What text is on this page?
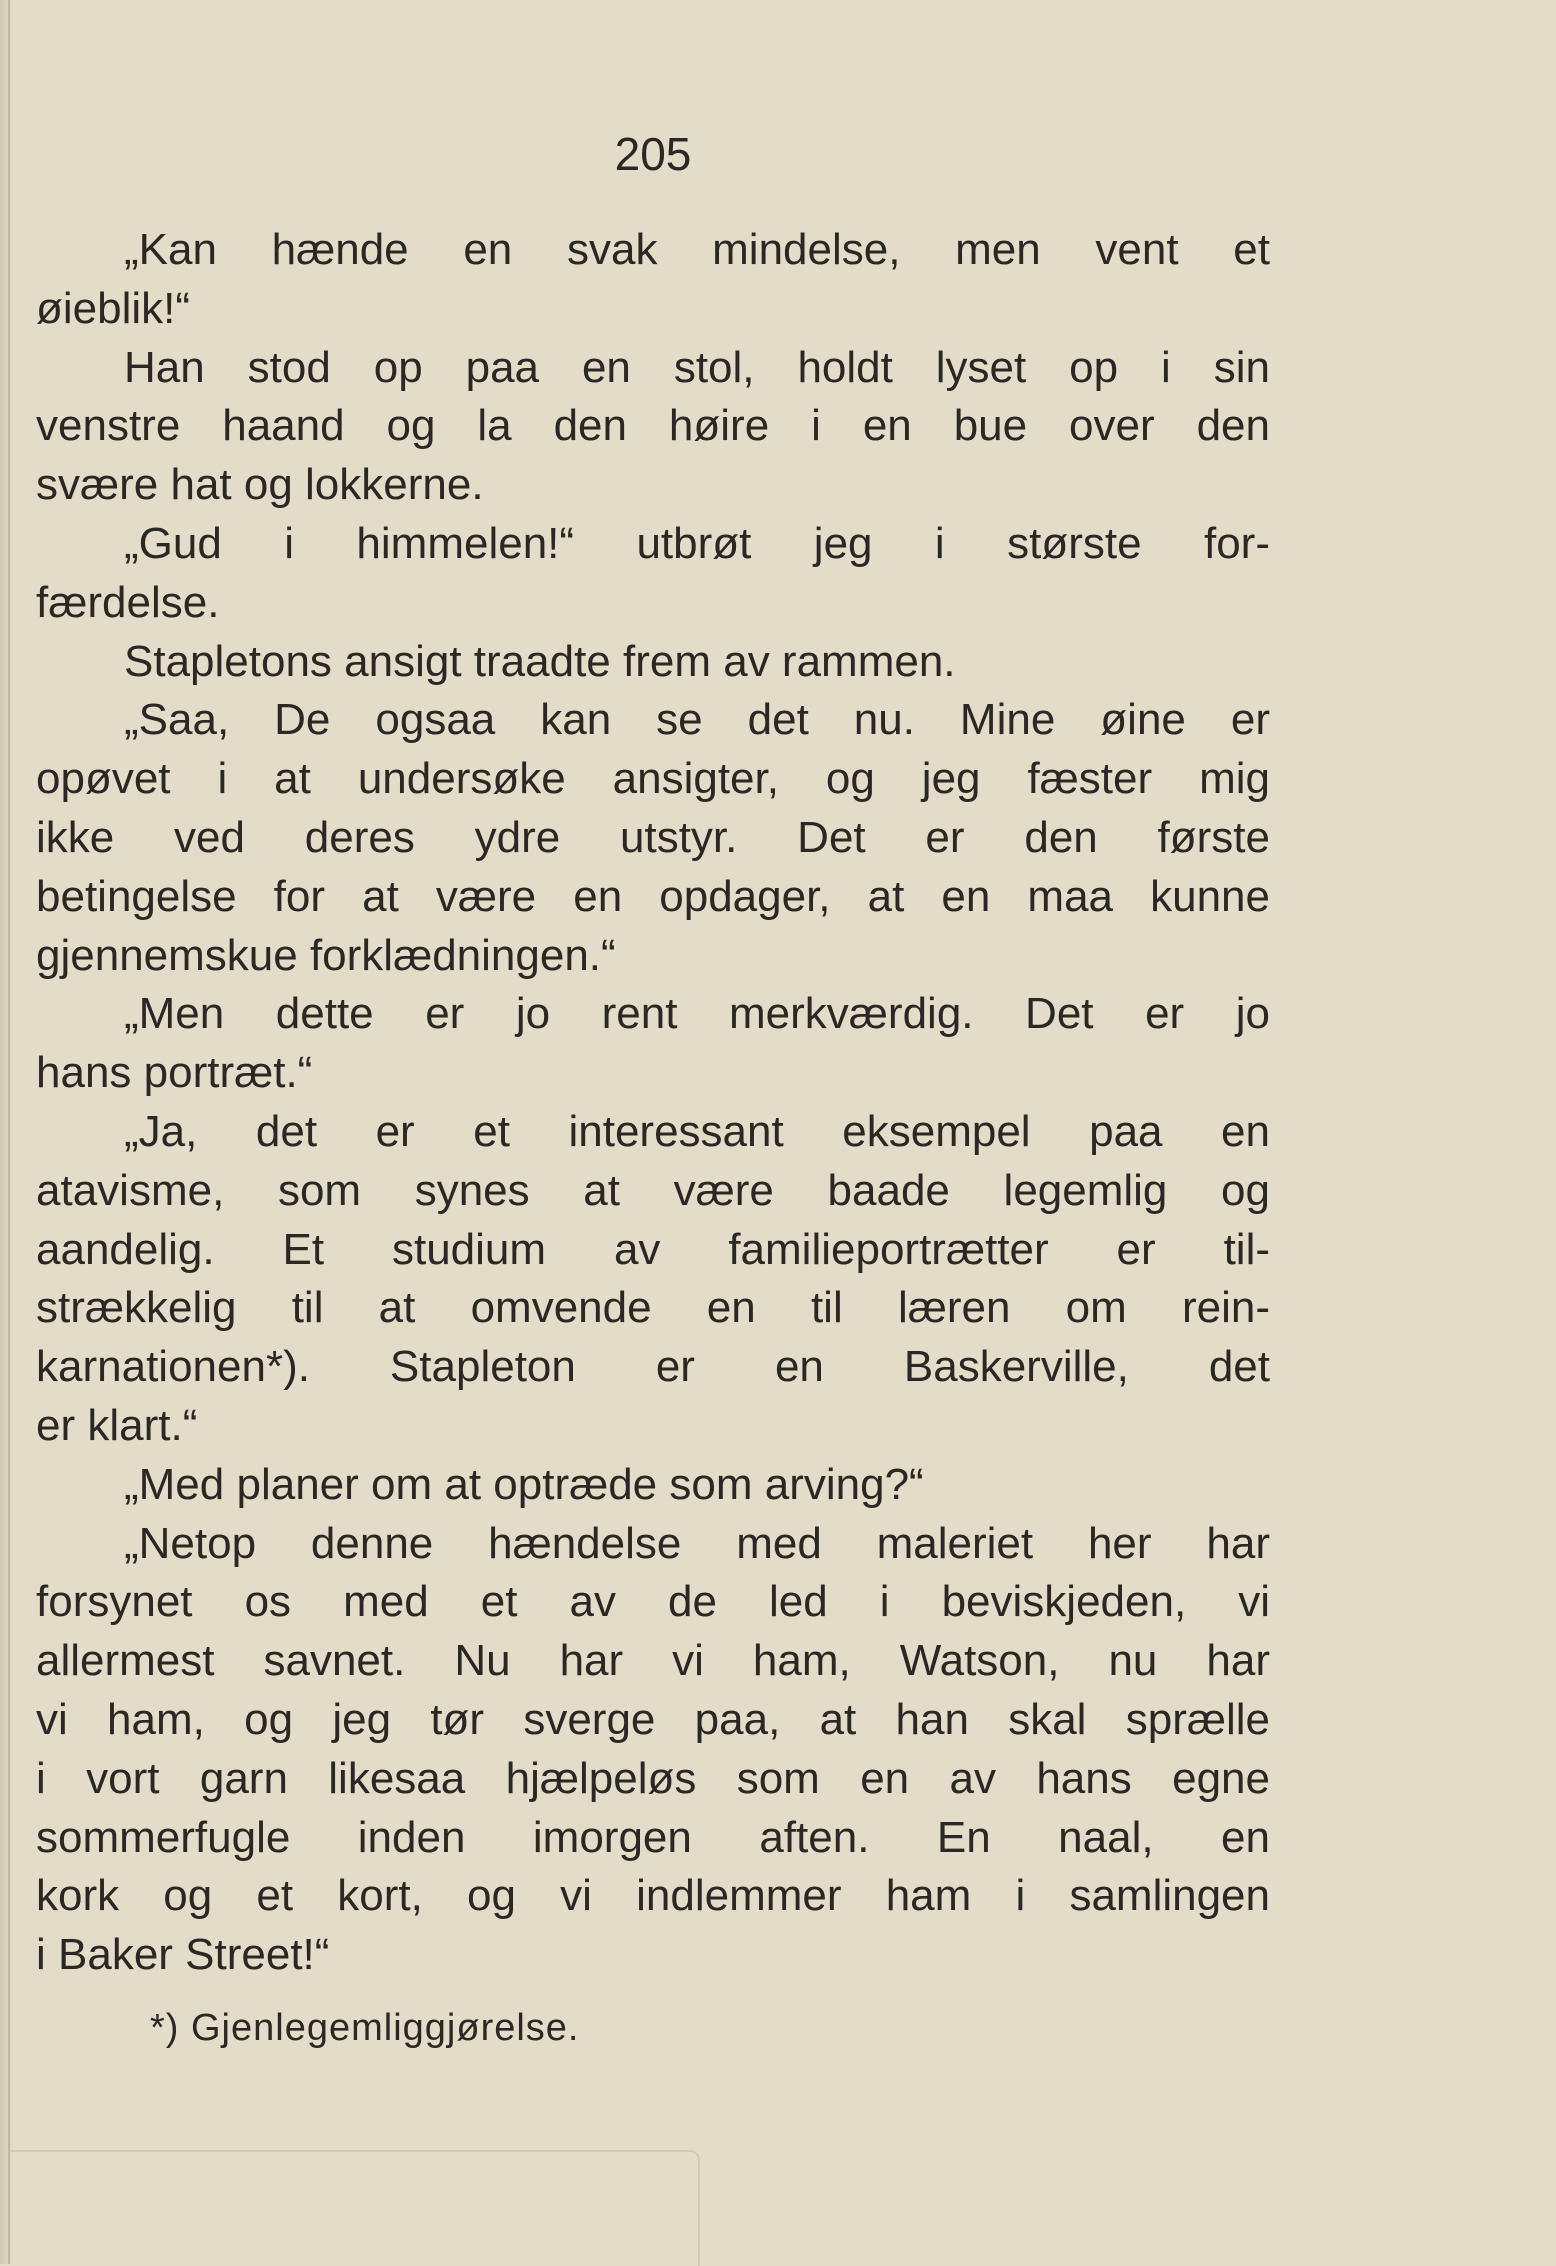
205
„Kan hænde en svak mindelse, men vent et
øieblik!“
Han stod op paa en stol, holdt lyset op i sin
venstre haand og la den høire i en bue over den
svære hat og lokkerne.
„Gud i himmelen!“ utbrøt jeg i største for-
færdelse.
Stapletons ansigt traadte frem av rammen.
„Saa, De ogsaa kan se det nu. Mine øine er
opøvet i at undersøke ansigter, og jeg fæster mig
ikke ved deres ydre utstyr. Det er den første
betingelse for at være en opdager, at en maa kunne
gjennemskue forklædningen.“
„Men dette er jo rent merkværdig. Det er jo
hans portræt.“
„Ja, det er et interessant eksempel paa en
atavisme, som synes at være baade legemlig og
aandelig. Et studium av familieportrætter er til-
strækkelig til at omvende en til læren om rein-
karnationen*). Stapleton er en Baskerville, det
er klart.“
„Med planer om at optræde som arving?“
„Netop denne hændelse med maleriet her har
forsynet os med et av de led i beviskjeden, vi
allermest savnet. Nu har vi ham, Watson, nu har
vi ham, og jeg tør sverge paa, at han skal sprælle
i vort garn likesaa hjælpeløs som en av hans egne
sommerfugle inden imorgen aften. En naal, en
kork og et kort, og vi indlemmer ham i samlingen
i Baker Street!“
*) Gjenlegemliggjørelse.
